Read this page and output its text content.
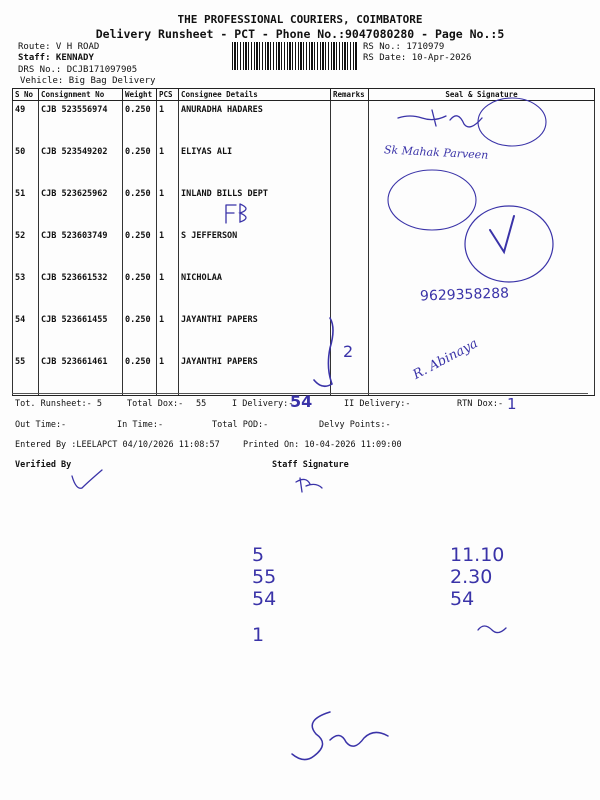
THE PROFESSIONAL COURIERS, COIMBATORE
Delivery Runsheet - PCT - Phone No.:9047080280 - Page No.:5
Route: V H ROAD
Staff: KENNADY
DRS No.: DCJB171097905
Vehicle: Big Bag Delivery
RS No.: 1710979
RS Date: 10-Apr-2026
S No	Consignment No	Weight	PCS	Consignee Details	Remarks	Seal & Signature
49	CJB 523556974	0.250	1	ANURADHA HADARES		
50	CJB 523549202	0.250	1	ELIYAS ALI		
51	CJB 523625962	0.250	1	INLAND BILLS DEPT		
52	CJB 523603749	0.250	1	S JEFFERSON		
53	CJB 523661532	0.250	1	NICHOLAA		
54	CJB 523661455	0.250	1	JAYANTHI PAPERS		
55	CJB 523661461	0.250	1	JAYANTHI PAPERS		
Tot. Runsheet:- 5	Total Dox:- 55	I Delivery:-	II Delivery:-	RTN Dox:-
Out Time:-	In Time:-	Total POD:-	Delvy Points:-
Entered By :LEELAPCT 04/10/2026 11:08:57	Printed On: 10-04-2026 11:09:00
Verified By	Staff Signature
Sk Mahak Parveen
9629358288
R. Abinaya
2
54	1
5
55
54
1
11.10
2.30
54
